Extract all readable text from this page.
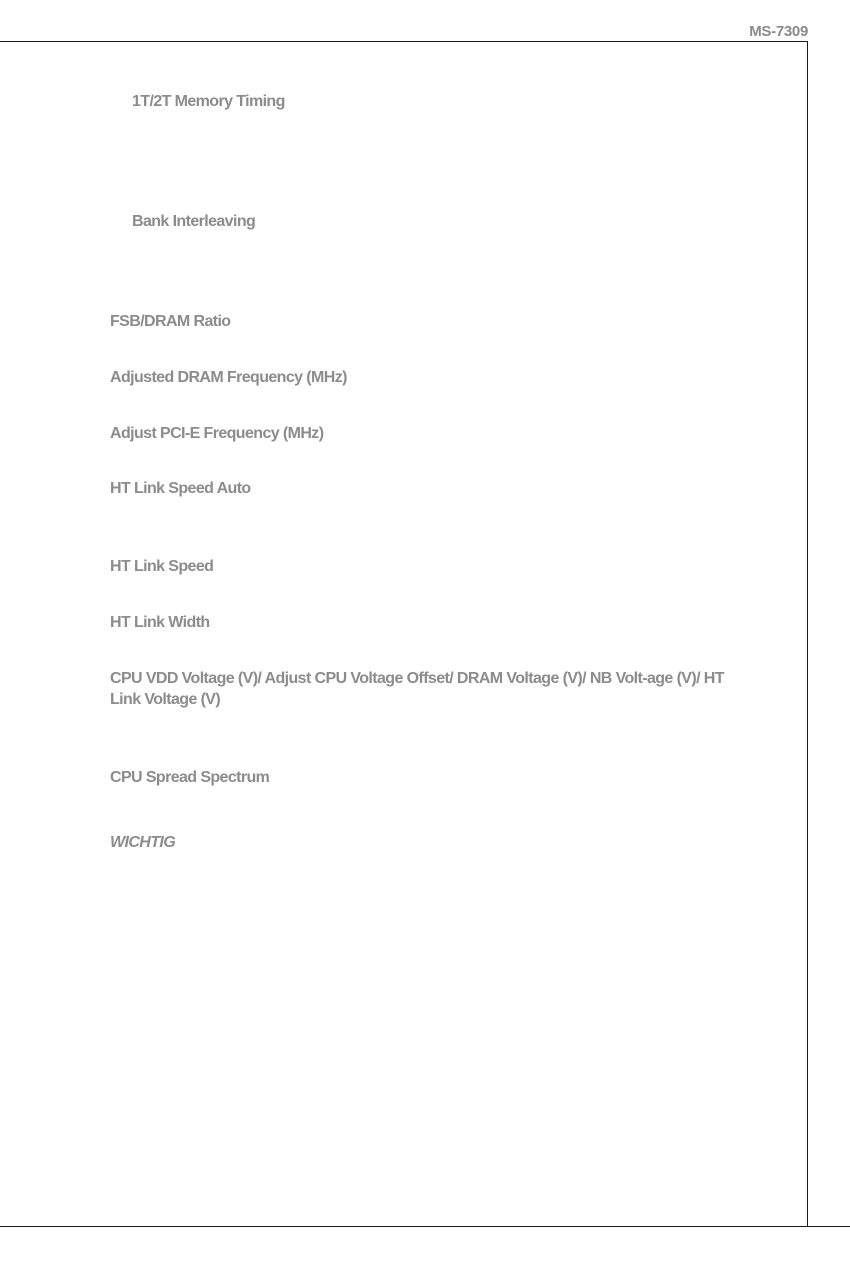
MS-7309
1T/2T Memory Timing
Bank Interleaving
FSB/DRAM Ratio
Adjusted DRAM Frequency (MHz)
Adjust PCI-E Frequency (MHz)
HT Link Speed Auto
HT Link Speed
HT Link Width
CPU VDD Voltage (V)/ Adjust CPU Voltage Offset/ DRAM Voltage (V)/ NB Volt-age (V)/ HT Link Voltage (V)
CPU Spread Spectrum
WICHTIG
